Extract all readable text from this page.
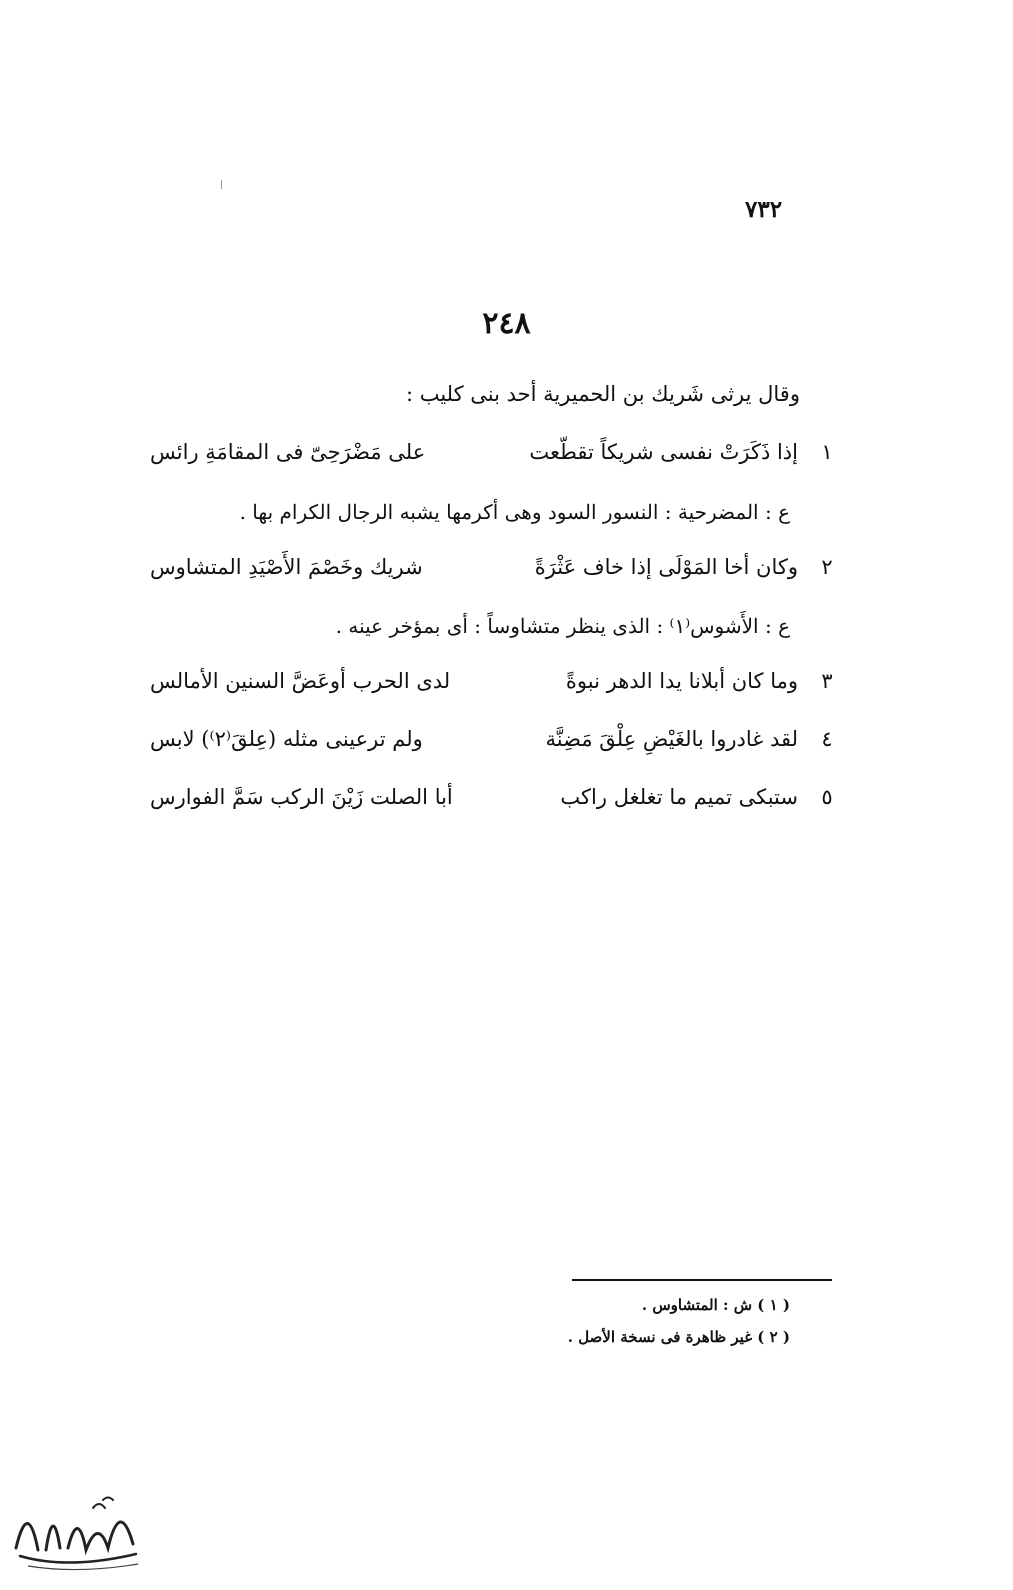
٧٣٢
٢٤٨
وقال يرثى شَريك بن الحميرية أحد بنى كليب :
١
إذا ذَكَرَتْ نفسى شريكاً تقطّعت
على مَضْرَحِىّ فى المقامَةِ رائس
ع : المضرحية : النسور السود وهى أكرمها يشبه الرجال الكرام بها .
٢
وكان أخا المَوْلَى إذا خاف عَثْرَةً
شريك وخَصْمَ الأَصْيَدِ المتشاوس
ع : الأَشوس⁽١⁾ : الذى ينظر متشاوساً : أى بمؤخر عينه .
٣
وما كان أبلانا يدا الدهر نبوةً
لدى الحرب أوعَضَّ السنين الأمالس
٤
لقد غادروا بالغَيْضِ عِلْقَ مَضِنَّة
ولم ترعينى مثله (عِلقَ⁽٢⁾) لابس
٥
ستبكى تميم ما تغلغل راكب
أبا الصلت زَيْنَ الركب سَمَّ الفوارس
( ١ ) ش : المتشاوس .
( ٢ ) غير ظاهرة فى نسخة الأصل .
